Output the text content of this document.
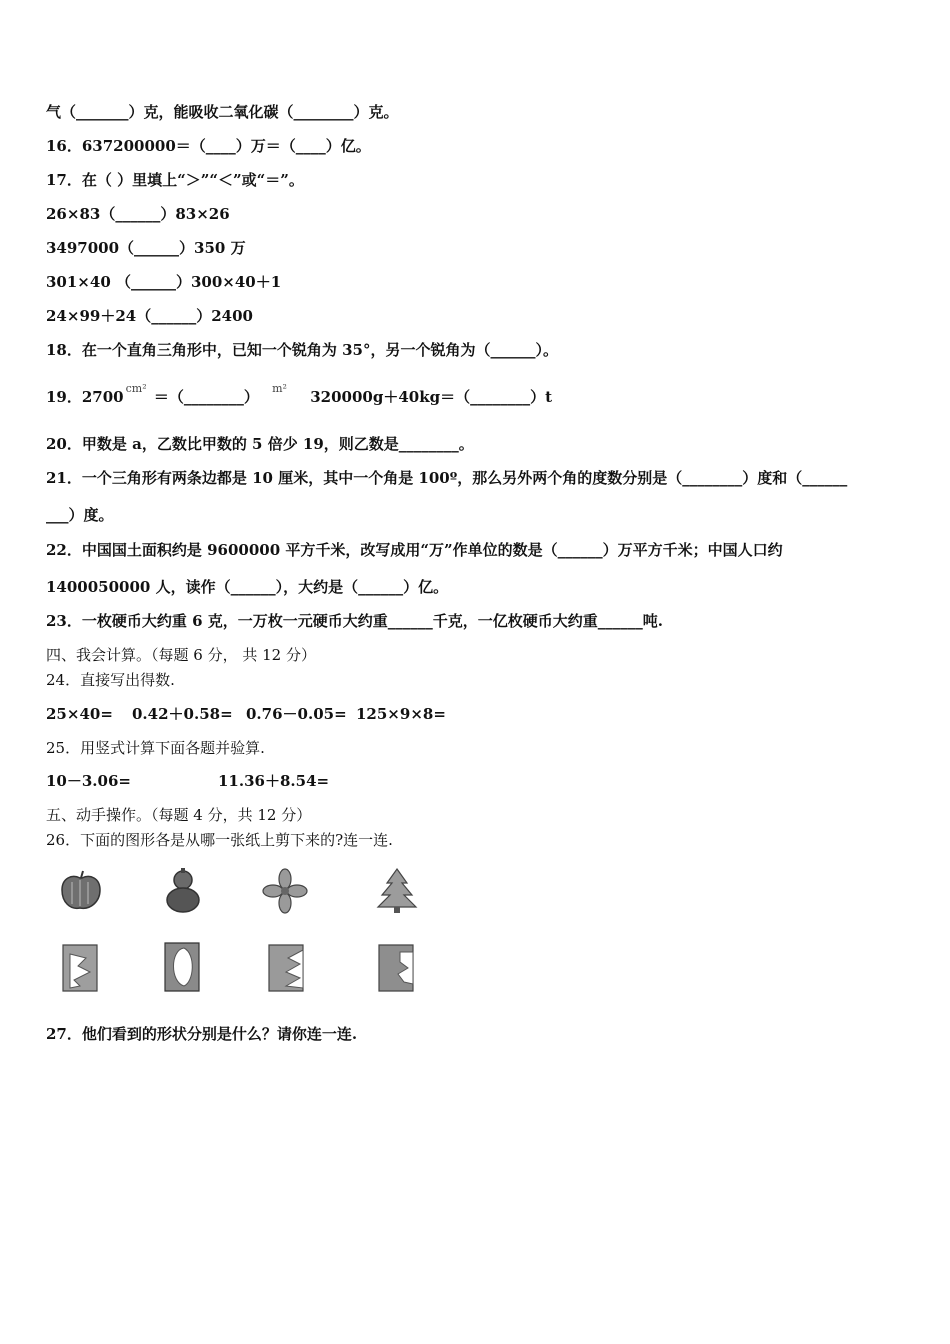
气（_______）克，能吸收二氧化碳（________）克。
16．637200000＝（____）万＝（____）亿。
17．在（ ）里填上“＞”“＜”或“＝”。
26×83（______）83×26
3497000（______）350 万
301×40 （______）300×40＋1
24×99＋24（______）2400
18．在一个直角三角形中，已知一个锐角为 35°，另一个锐角为（______）。
19．2700 $^{cm^2}$ ＝（________） $^{m^2}$ 320000g＋40kg＝（________）t
20．甲数是 a，乙数比甲数的 5 倍少 19，则乙数是________。
21．一个三角形有两条边都是 10 厘米，其中一个角是 100º，那么另外两个角的度数分别是（________）度和（______
___）度。
22．中国国土面积约是 9600000 平方千米，改写成用“万”作单位的数是（______）万平方千米；中国人口约
1400050000 人，读作（______），大约是（______）亿。
23．一枚硬币大约重 6 克，一万枚一元硬币大约重______千克，一亿枚硬币大约重______吨.
四、我会计算。（每题 6 分， 共 12 分）
24．直接写出得数.
25×40= 0.42＋0.58= 0.76－0.05= 125×9×8=
25．用竖式计算下面各题并验算.
10－3.06=	11.36＋8.54=
五、动手操作。（每题 4 分，共 12 分）
26．下面的图形各是从哪一张纸上剪下来的?连一连.
27．他们看到的形状分别是什么？请你连一连.
